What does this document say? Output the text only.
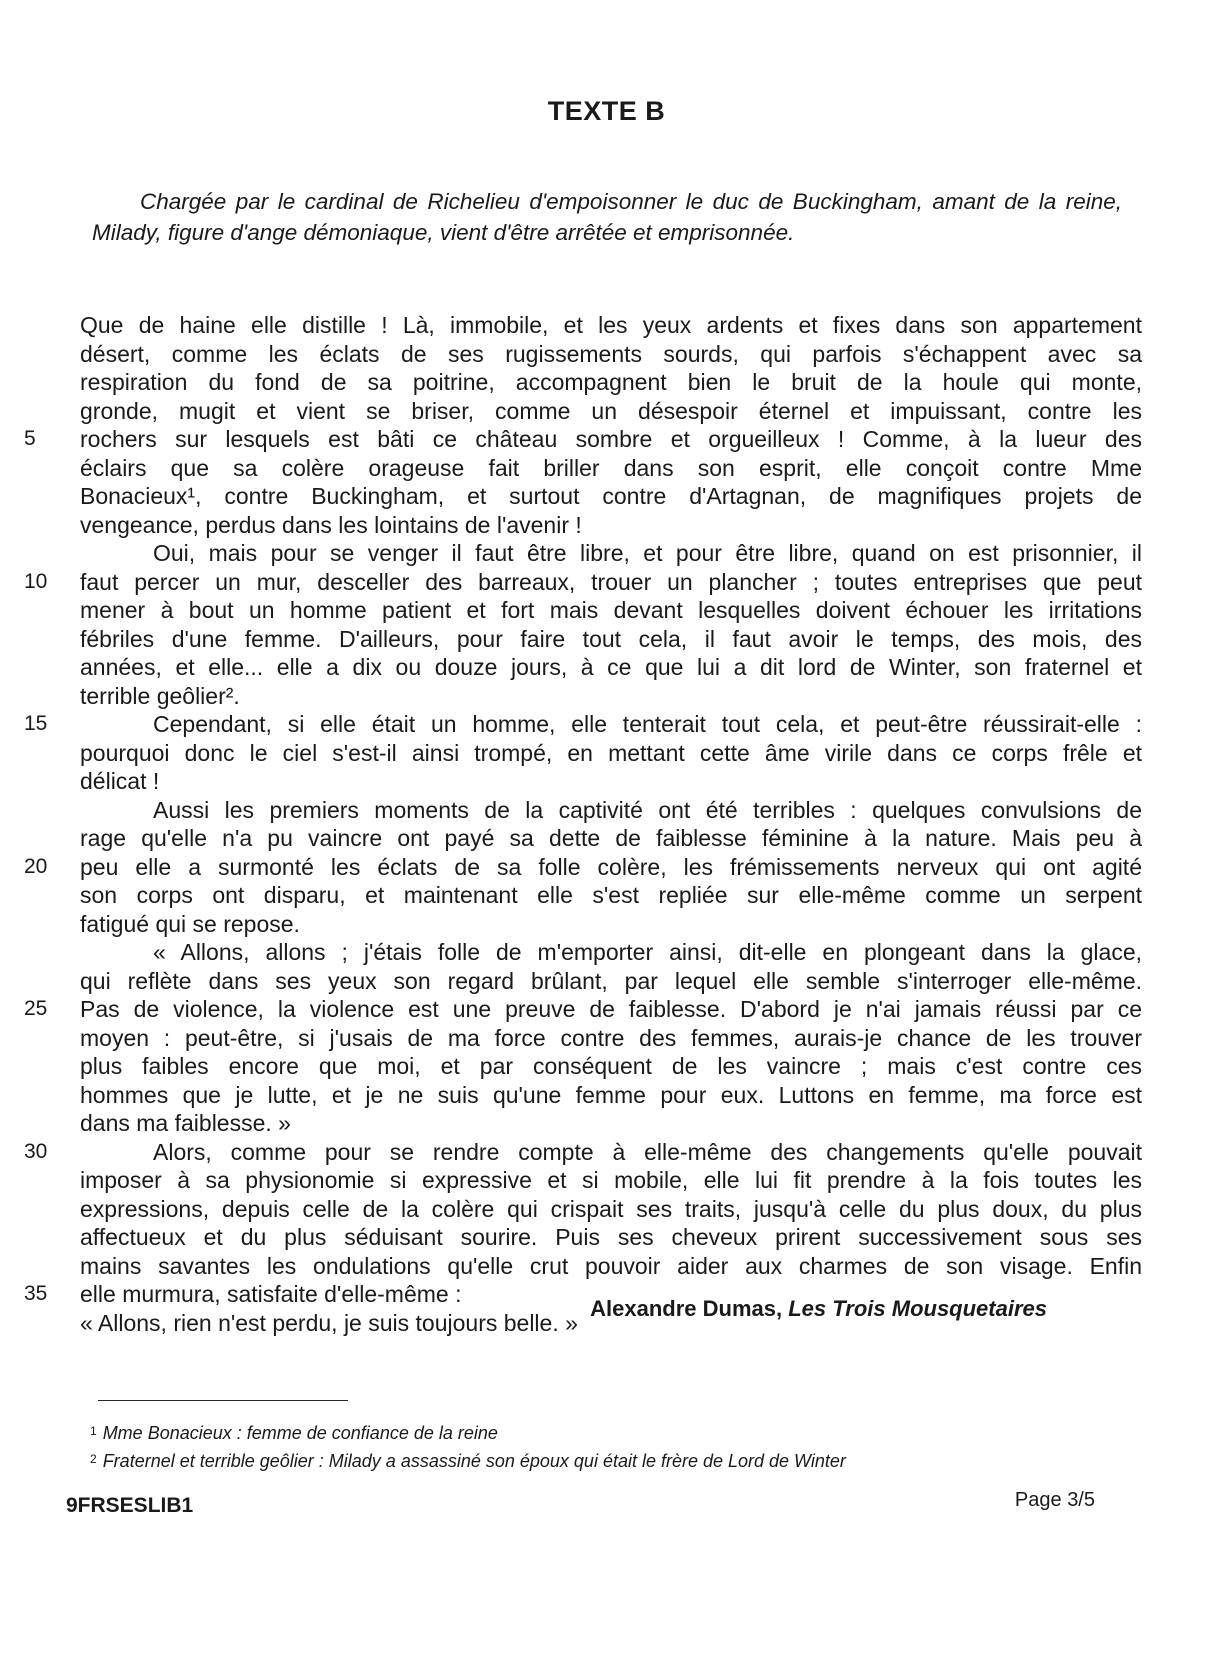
TEXTE B
Chargée par le cardinal de Richelieu d'empoisonner le duc de Buckingham, amant de la reine, Milady, figure d'ange démoniaque, vient d'être arrêtée et emprisonnée.
Que de haine elle distille ! Là, immobile, et les yeux ardents et fixes dans son appartement
désert, comme les éclats de ses rugissements sourds, qui parfois s'échappent avec sa
respiration du fond de sa poitrine, accompagnent bien le bruit de la houle qui monte,
gronde, mugit et vient se briser, comme un désespoir éternel et impuissant, contre les
5	rochers sur lesquels est bâti ce château sombre et orgueilleux ! Comme, à la lueur des
éclairs que sa colère orageuse fait briller dans son esprit, elle conçoit contre Mme
Bonacieux¹, contre Buckingham, et surtout contre d'Artagnan, de magnifiques projets de
vengeance, perdus dans les lointains de l'avenir !
Oui, mais pour se venger il faut être libre, et pour être libre, quand on est prisonnier, il
10	faut percer un mur, desceller des barreaux, trouer un plancher ; toutes entreprises que peut
mener à bout un homme patient et fort mais devant lesquelles doivent échouer les irritations
fébriles d'une femme. D'ailleurs, pour faire tout cela, il faut avoir le temps, des mois, des
années, et elle... elle a dix ou douze jours, à ce que lui a dit lord de Winter, son fraternel et
terrible geôlier².
15	Cependant, si elle était un homme, elle tenterait tout cela, et peut-être réussirait-elle :
pourquoi donc le ciel s'est-il ainsi trompé, en mettant cette âme virile dans ce corps frêle et
délicat !
Aussi les premiers moments de la captivité ont été terribles : quelques convulsions de
rage qu'elle n'a pu vaincre ont payé sa dette de faiblesse féminine à la nature. Mais peu à
20	peu elle a surmonté les éclats de sa folle colère, les frémissements nerveux qui ont agité
son corps ont disparu, et maintenant elle s'est repliée sur elle-même comme un serpent
fatigué qui se repose.
« Allons, allons ; j'étais folle de m'emporter ainsi, dit-elle en plongeant dans la glace,
qui reflète dans ses yeux son regard brûlant, par lequel elle semble s'interroger elle-même.
25	Pas de violence, la violence est une preuve de faiblesse. D'abord je n'ai jamais réussi par ce
moyen : peut-être, si j'usais de ma force contre des femmes, aurais-je chance de les trouver
plus faibles encore que moi, et par conséquent de les vaincre ; mais c'est contre ces
hommes que je lutte, et je ne suis qu'une femme pour eux. Luttons en femme, ma force est
dans ma faiblesse. »
30	Alors, comme pour se rendre compte à elle-même des changements qu'elle pouvait
imposer à sa physionomie si expressive et si mobile, elle lui fit prendre à la fois toutes les
expressions, depuis celle de la colère qui crispait ses traits, jusqu'à celle du plus doux, du plus
affectueux et du plus séduisant sourire. Puis ses cheveux prirent successivement sous ses
mains savantes les ondulations qu'elle crut pouvoir aider aux charmes de son visage. Enfin
35	elle murmura, satisfaite d'elle-même :
« Allons, rien n'est perdu, je suis toujours belle. »
Alexandre Dumas, Les Trois Mousquetaires
$^1$ Mme Bonacieux : femme de confiance de la reine
$^2$ Fraternel et terrible geôlier : Milady a assassiné son époux qui était le frère de Lord de Winter
9FRSESLIB1	Page 3/5
